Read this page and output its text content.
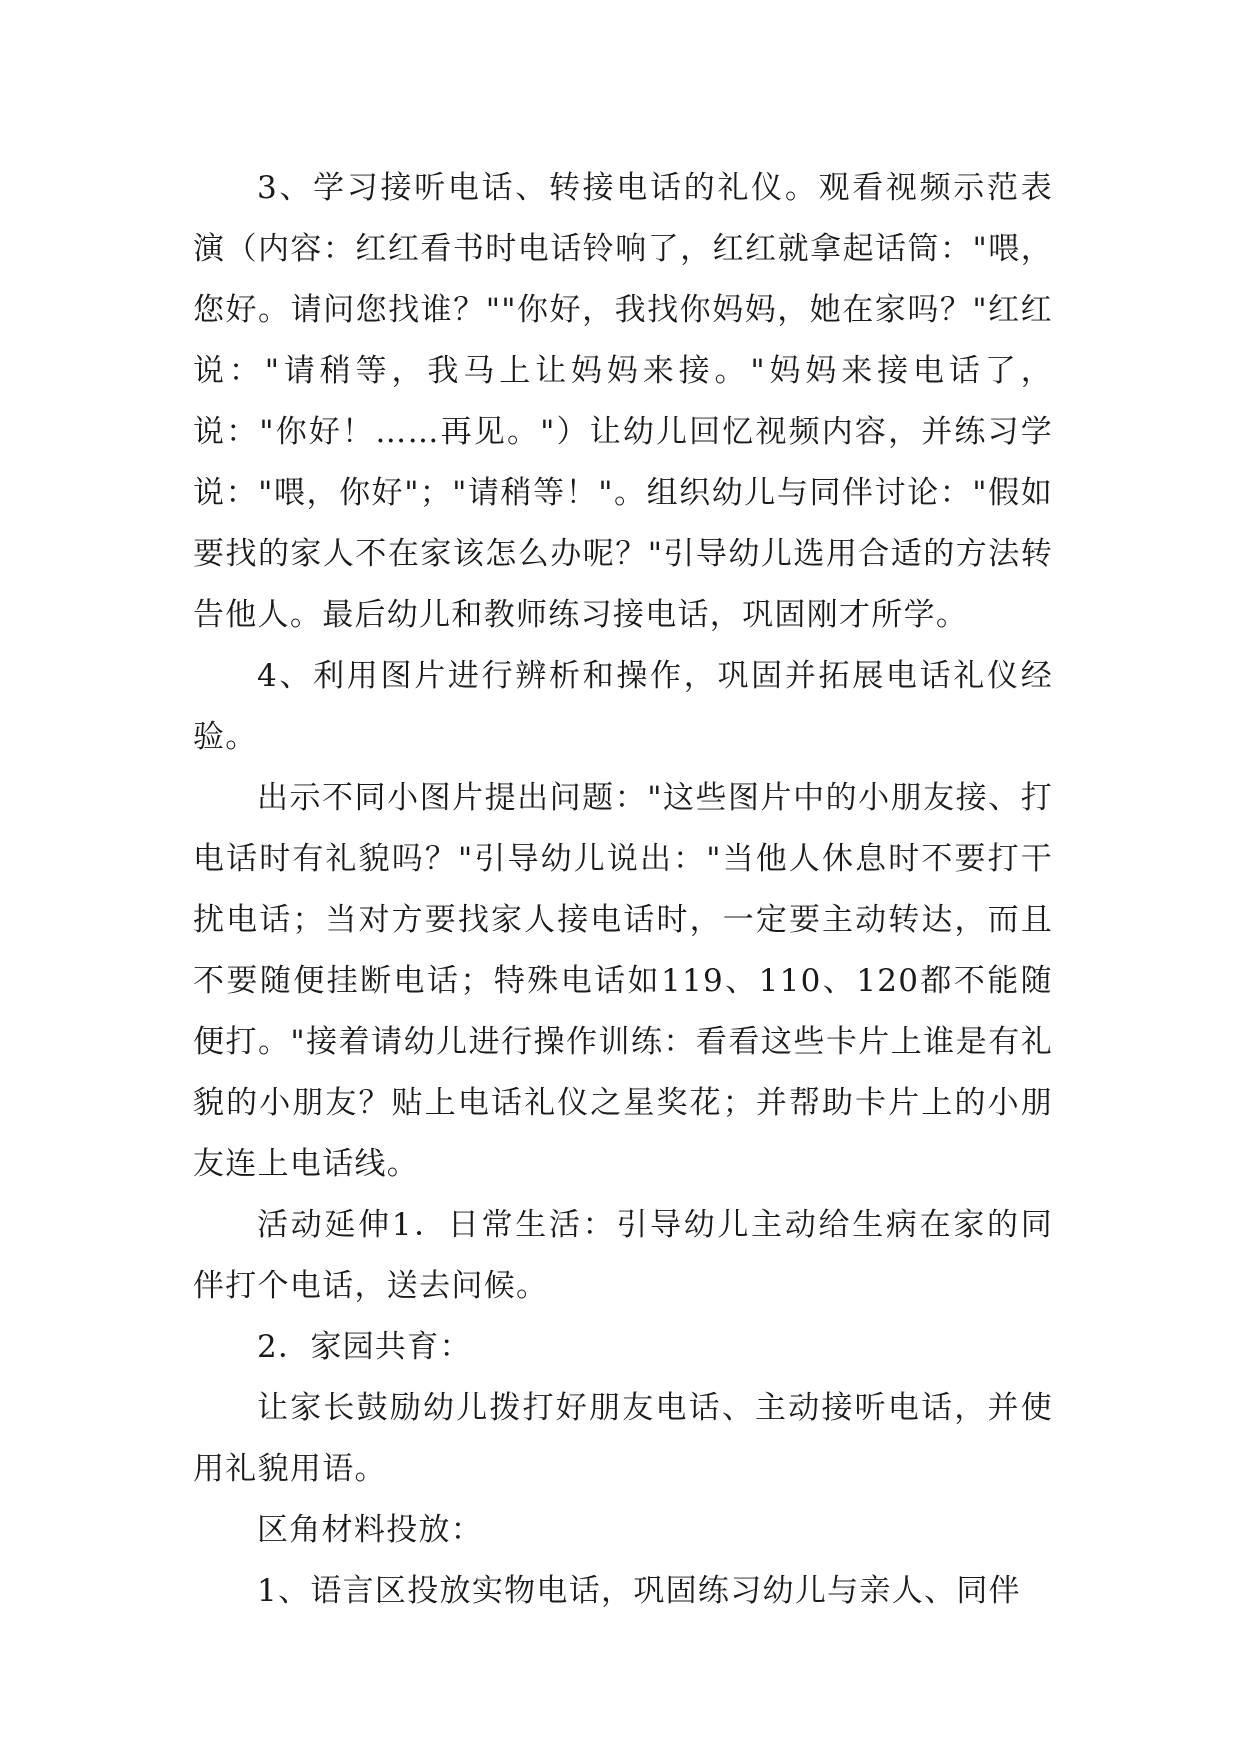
3、学习接听电话、转接电话的礼仪。观看视频示范表演（内容：红红看书时电话铃响了，红红就拿起话筒："喂，您好。请问您找谁？""你好，我找你妈妈，她在家吗？"红红说："请稍等，我马上让妈妈来接。"妈妈来接电话了，说："你好！……再见。"）让幼儿回忆视频内容，并练习学说："喂，你好"；"请稍等！"。组织幼儿与同伴讨论："假如要找的家人不在家该怎么办呢？"引导幼儿选用合适的方法转告他人。最后幼儿和教师练习接电话，巩固刚才所学。

4、利用图片进行辨析和操作，巩固并拓展电话礼仪经验。

出示不同小图片提出问题："这些图片中的小朋友接、打电话时有礼貌吗？"引导幼儿说出："当他人休息时不要打干扰电话；当对方要找家人接电话时，一定要主动转达，而且不要随便挂断电话；特殊电话如119、110、120都不能随便打。"接着请幼儿进行操作训练：看看这些卡片上谁是有礼貌的小朋友？贴上电话礼仪之星奖花；并帮助卡片上的小朋友连上电话线。

活动延伸1．日常生活：引导幼儿主动给生病在家的同伴打个电话，送去问候。

2．家园共育：

让家长鼓励幼儿拨打好朋友电话、主动接听电话，并使用礼貌用语。

区角材料投放：

1、语言区投放实物电话，巩固练习幼儿与亲人、同伴
